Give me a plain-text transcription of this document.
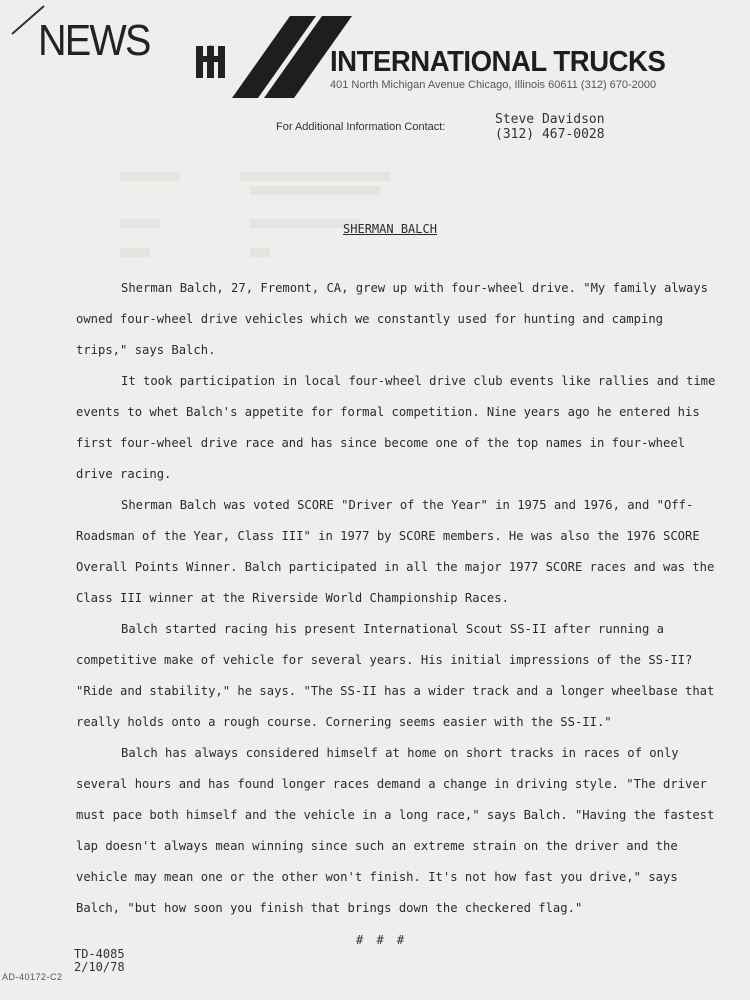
NEWS	INTERNATIONAL TRUCKS
401 North Michigan Avenue Chicago, Illinois 60611 (312) 670-2000
For Additional Information Contact:	Steve Davidson
(312) 467-0028
SHERMAN BALCH

Sherman Balch, 27, Fremont, CA, grew up with four-wheel drive. "My family always owned four-wheel drive vehicles which we constantly used for hunting and camping trips," says Balch.

It took participation in local four-wheel drive club events like rallies and time events to whet Balch's appetite for formal competition. Nine years ago he entered his first four-wheel drive race and has since become one of the top names in four-wheel drive racing.

Sherman Balch was voted SCORE "Driver of the Year" in 1975 and 1976, and "Off-Roadsman of the Year, Class III" in 1977 by SCORE members. He was also the 1976 SCORE Overall Points Winner. Balch participated in all the major 1977 SCORE races and was the Class III winner at the Riverside World Championship Races.

Balch started racing his present International Scout SS-II after running a competitive make of vehicle for several years. His initial impressions of the SS-II? "Ride and stability," he says. "The SS-II has a wider track and a longer wheelbase that really holds onto a rough course. Cornering seems easier with the SS-II."

Balch has always considered himself at home on short tracks in races of only several hours and has found longer races demand a change in driving style. "The driver must pace both himself and the vehicle in a long race," says Balch. "Having the fastest lap doesn't always mean winning since such an extreme strain on the driver and the vehicle may mean one or the other won't finish. It's not how fast you drive," says Balch, "but how soon you finish that brings down the checkered flag."

# # #
TD-4085
2/10/78
AD-40172-C2
